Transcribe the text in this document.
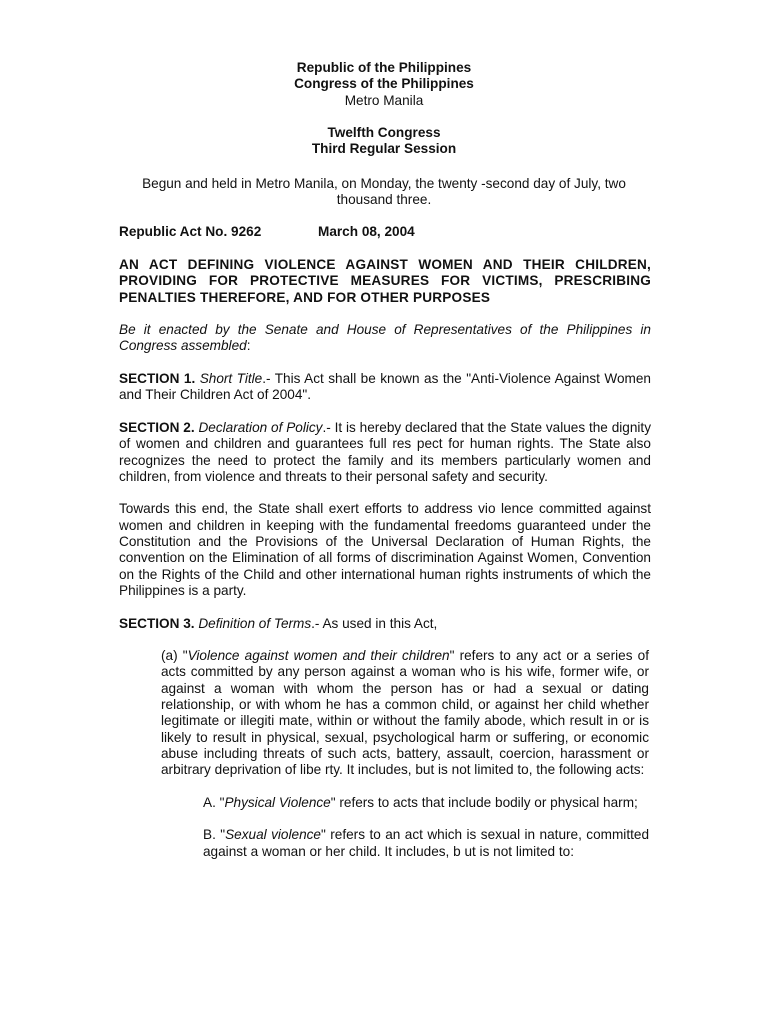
Republic of the Philippines
Congress of the Philippines
Metro Manila
Twelfth Congress
Third Regular Session
Begun and held in Metro Manila, on Monday, the twenty -second day of July, two thousand three.
Republic Act No. 9262	March 08, 2004

AN ACT DEFINING VIOLENCE AGAINST WOMEN AND THEIR CHILDREN, PROVIDING FOR PROTECTIVE MEASURES FOR VICTIMS, PRESCRIBING PENALTIES THEREFORE, AND FOR OTHER PURPOSES

Be it enacted by the Senate and House of Representatives of the Philippines in Congress assembled:

SECTION 1. Short Title.- This Act shall be known as the "Anti-Violence Against Women and Their Children Act of 2004".

SECTION 2. Declaration of Policy.- It is hereby declared that the State values the dignity of women and children and guarantees full res pect for human rights. The State also recognizes the need to protect the family and its members particularly women and children, from violence and threats to their personal safety and security.

Towards this end, the State shall exert efforts to address vio lence committed against women and children in keeping with the fundamental freedoms guaranteed under the Constitution and the Provisions of the Universal Declaration of Human Rights, the convention on the Elimination of all forms of discrimination Against Women, Convention on the Rights of the Child and other international human rights instruments of which the Philippines is a party.

SECTION 3. Definition of Terms.- As used in this Act,

(a) "Violence against women and their children" refers to any act or a series of acts committed by any person against a woman who is his wife, former wife, or against a woman with whom the person has or had a sexual or dating relationship, or with whom he has a common child, or against her child whether legitimate or illegiti mate, within or without the family abode, which result in or is likely to result in physical, sexual, psychological harm or suffering, or economic abuse including threats of such acts, battery, assault, coercion, harassment or arbitrary deprivation of libe rty. It includes, but is not limited to, the following acts:

A. "Physical Violence" refers to acts that include bodily or physical harm;

B. "Sexual violence" refers to an act which is sexual in nature, committed against a woman or her child. It includes, b ut is not limited to:
